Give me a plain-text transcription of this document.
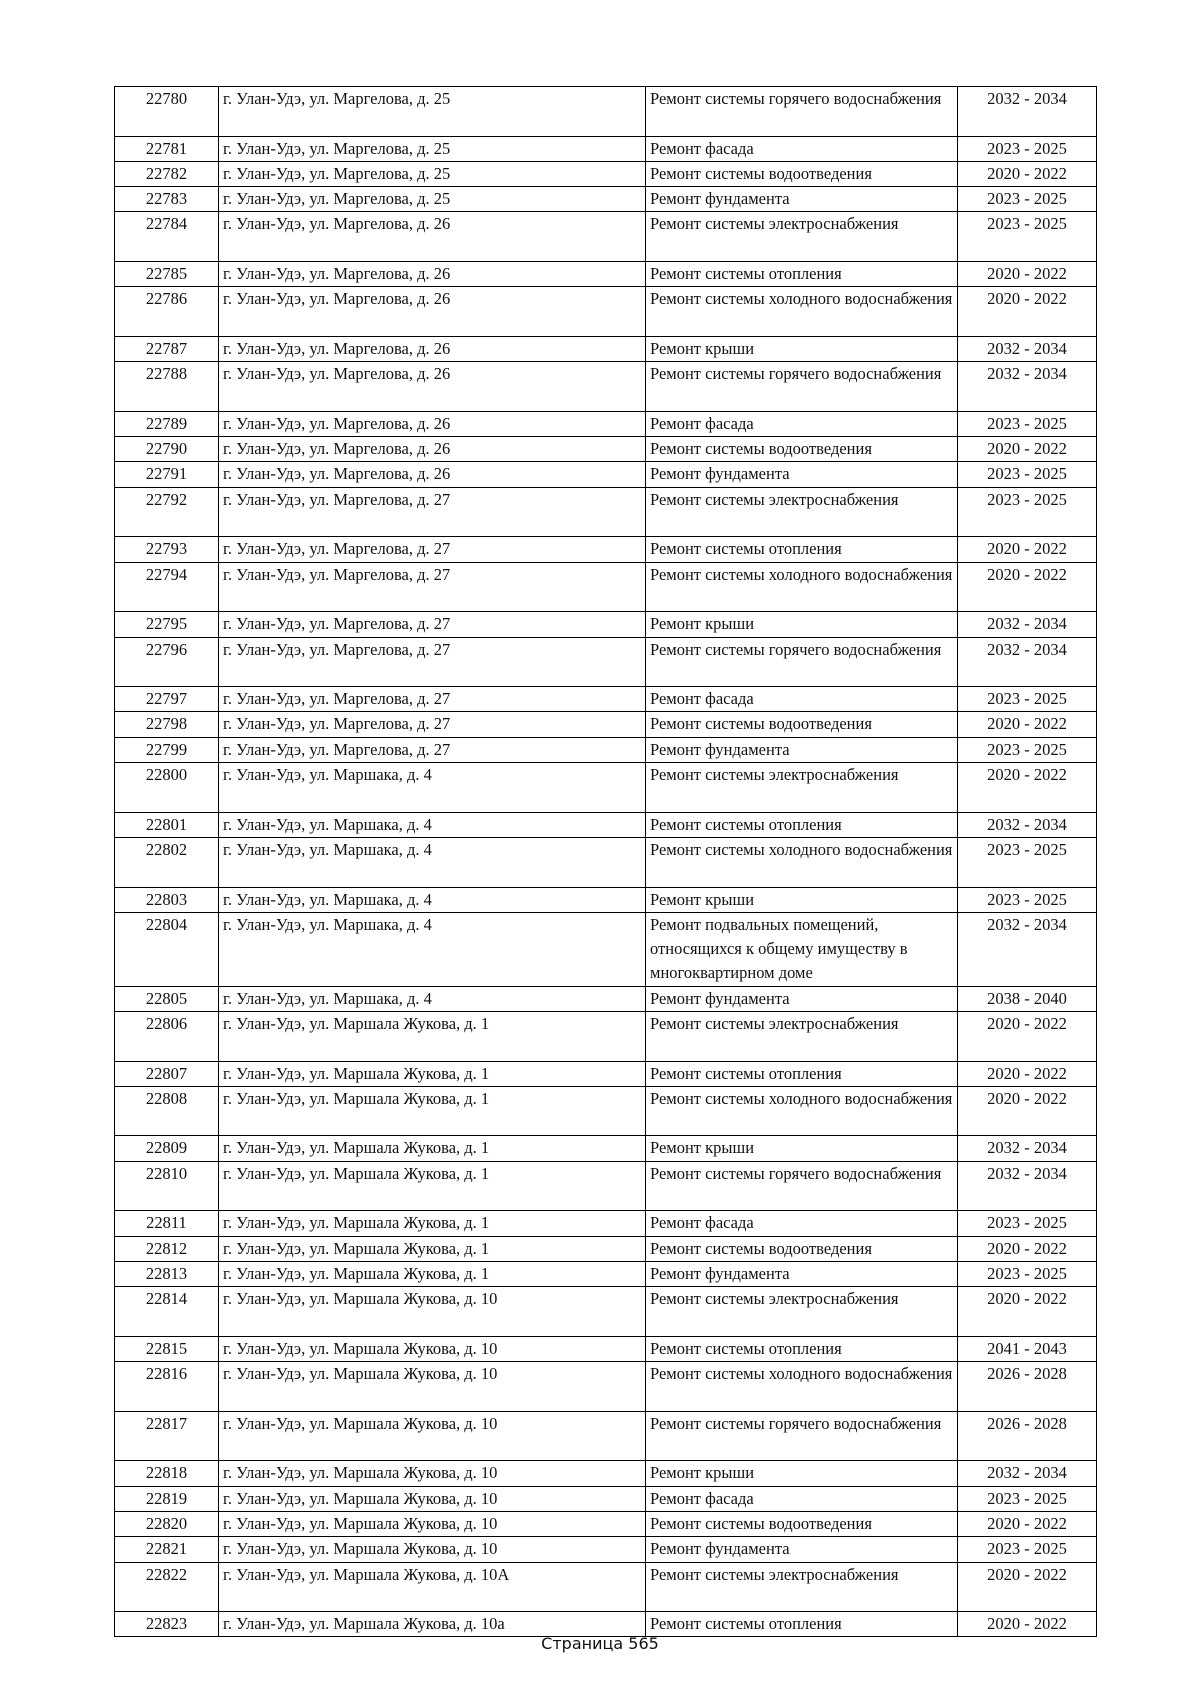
22780	г. Улан-Удэ, ул. Маргелова, д. 25	Ремонт системы горячего водоснабжения	2032 - 2034
22781	г. Улан-Удэ, ул. Маргелова, д. 25	Ремонт фасада	2023 - 2025
22782	г. Улан-Удэ, ул. Маргелова, д. 25	Ремонт системы водоотведения	2020 - 2022
22783	г. Улан-Удэ, ул. Маргелова, д. 25	Ремонт фундамента	2023 - 2025
22784	г. Улан-Удэ, ул. Маргелова, д. 26	Ремонт системы электроснабжения	2023 - 2025
22785	г. Улан-Удэ, ул. Маргелова, д. 26	Ремонт системы отопления	2020 - 2022
22786	г. Улан-Удэ, ул. Маргелова, д. 26	Ремонт системы холодного водоснабжения	2020 - 2022
22787	г. Улан-Удэ, ул. Маргелова, д. 26	Ремонт крыши	2032 - 2034
22788	г. Улан-Удэ, ул. Маргелова, д. 26	Ремонт системы горячего водоснабжения	2032 - 2034
22789	г. Улан-Удэ, ул. Маргелова, д. 26	Ремонт фасада	2023 - 2025
22790	г. Улан-Удэ, ул. Маргелова, д. 26	Ремонт системы водоотведения	2020 - 2022
22791	г. Улан-Удэ, ул. Маргелова, д. 26	Ремонт фундамента	2023 - 2025
22792	г. Улан-Удэ, ул. Маргелова, д. 27	Ремонт системы электроснабжения	2023 - 2025
22793	г. Улан-Удэ, ул. Маргелова, д. 27	Ремонт системы отопления	2020 - 2022
22794	г. Улан-Удэ, ул. Маргелова, д. 27	Ремонт системы холодного водоснабжения	2020 - 2022
22795	г. Улан-Удэ, ул. Маргелова, д. 27	Ремонт крыши	2032 - 2034
22796	г. Улан-Удэ, ул. Маргелова, д. 27	Ремонт системы горячего водоснабжения	2032 - 2034
22797	г. Улан-Удэ, ул. Маргелова, д. 27	Ремонт фасада	2023 - 2025
22798	г. Улан-Удэ, ул. Маргелова, д. 27	Ремонт системы водоотведения	2020 - 2022
22799	г. Улан-Удэ, ул. Маргелова, д. 27	Ремонт фундамента	2023 - 2025
22800	г. Улан-Удэ, ул. Маршака, д. 4	Ремонт системы электроснабжения	2020 - 2022
22801	г. Улан-Удэ, ул. Маршака, д. 4	Ремонт системы отопления	2032 - 2034
22802	г. Улан-Удэ, ул. Маршака, д. 4	Ремонт системы холодного водоснабжения	2023 - 2025
22803	г. Улан-Удэ, ул. Маршака, д. 4	Ремонт крыши	2023 - 2025
22804	г. Улан-Удэ, ул. Маршака, д. 4	Ремонт подвальных помещений, относящихся к общему имуществу в многоквартирном доме	2032 - 2034
22805	г. Улан-Удэ, ул. Маршака, д. 4	Ремонт фундамента	2038 - 2040
22806	г. Улан-Удэ, ул. Маршала Жукова, д. 1	Ремонт системы электроснабжения	2020 - 2022
22807	г. Улан-Удэ, ул. Маршала Жукова, д. 1	Ремонт системы отопления	2020 - 2022
22808	г. Улан-Удэ, ул. Маршала Жукова, д. 1	Ремонт системы холодного водоснабжения	2020 - 2022
22809	г. Улан-Удэ, ул. Маршала Жукова, д. 1	Ремонт крыши	2032 - 2034
22810	г. Улан-Удэ, ул. Маршала Жукова, д. 1	Ремонт системы горячего водоснабжения	2032 - 2034
22811	г. Улан-Удэ, ул. Маршала Жукова, д. 1	Ремонт фасада	2023 - 2025
22812	г. Улан-Удэ, ул. Маршала Жукова, д. 1	Ремонт системы водоотведения	2020 - 2022
22813	г. Улан-Удэ, ул. Маршала Жукова, д. 1	Ремонт фундамента	2023 - 2025
22814	г. Улан-Удэ, ул. Маршала Жукова, д. 10	Ремонт системы электроснабжения	2020 - 2022
22815	г. Улан-Удэ, ул. Маршала Жукова, д. 10	Ремонт системы отопления	2041 - 2043
22816	г. Улан-Удэ, ул. Маршала Жукова, д. 10	Ремонт системы холодного водоснабжения	2026 - 2028
22817	г. Улан-Удэ, ул. Маршала Жукова, д. 10	Ремонт системы горячего водоснабжения	2026 - 2028
22818	г. Улан-Удэ, ул. Маршала Жукова, д. 10	Ремонт крыши	2032 - 2034
22819	г. Улан-Удэ, ул. Маршала Жукова, д. 10	Ремонт фасада	2023 - 2025
22820	г. Улан-Удэ, ул. Маршала Жукова, д. 10	Ремонт системы водоотведения	2020 - 2022
22821	г. Улан-Удэ, ул. Маршала Жукова, д. 10	Ремонт фундамента	2023 - 2025
22822	г. Улан-Удэ, ул. Маршала Жукова, д. 10А	Ремонт системы электроснабжения	2020 - 2022
22823	г. Улан-Удэ, ул. Маршала Жукова, д. 10а	Ремонт системы отопления	2020 - 2022
Страница 565
